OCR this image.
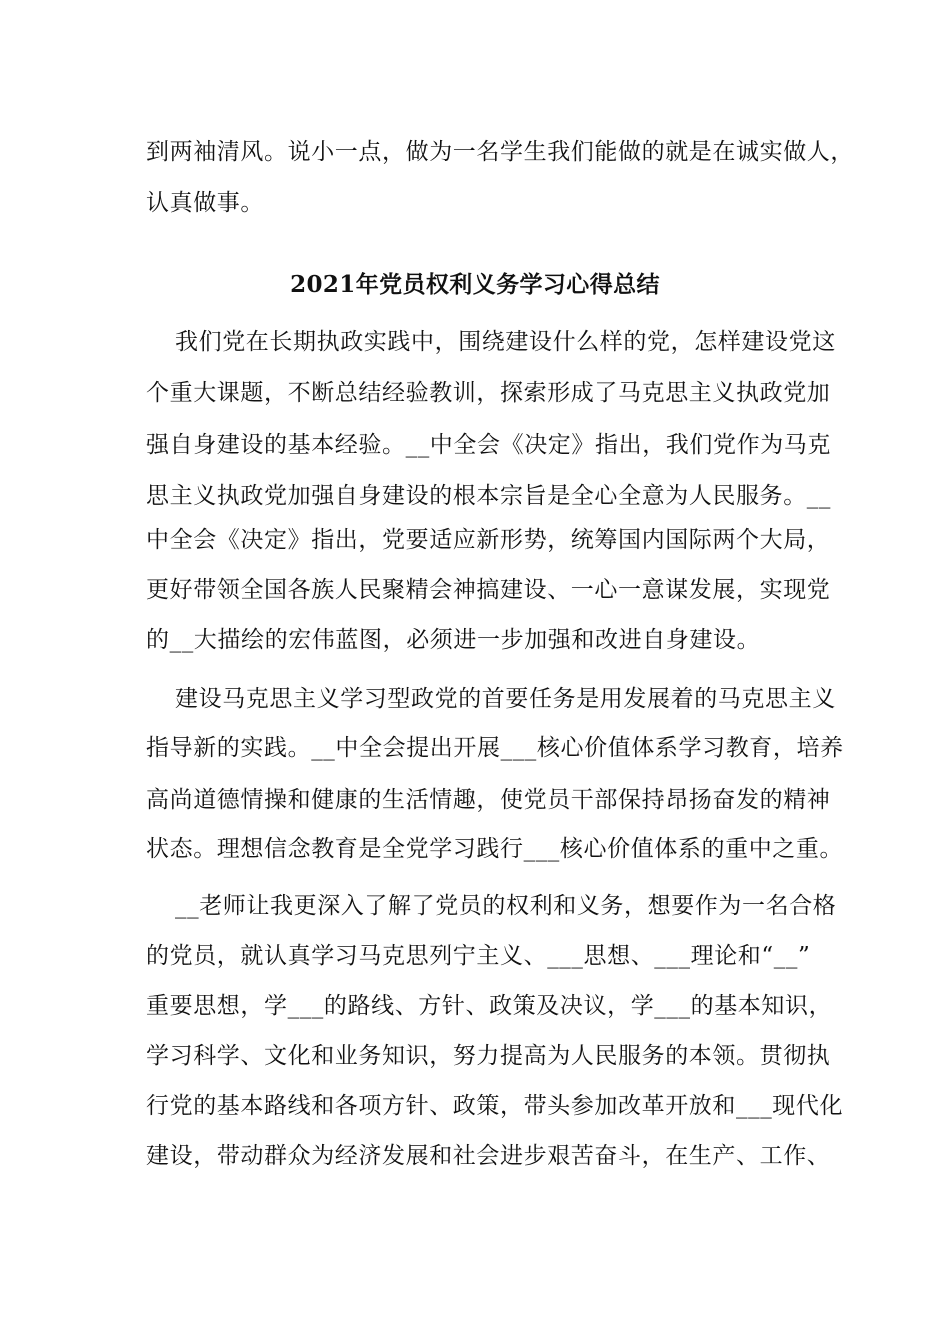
到两袖清风。说小一点，做为一名学生我们能做的就是在诚实做人，
认真做事。
2021年党员权利义务学习心得总结
我们党在长期执政实践中，围绕建设什么样的党，怎样建设党这
个重大课题，不断总结经验教训，探索形成了马克思主义执政党加
强自身建设的基本经验。__中全会《决定》指出，我们党作为马克
思主义执政党加强自身建设的根本宗旨是全心全意为人民服务。__
中全会《决定》指出，党要适应新形势，统筹国内国际两个大局，
更好带领全国各族人民聚精会神搞建设、一心一意谋发展，实现党
的__大描绘的宏伟蓝图，必须进一步加强和改进自身建设。
建设马克思主义学习型政党的首要任务是用发展着的马克思主义
指导新的实践。__中全会提出开展___核心价值体系学习教育，培养
高尚道德情操和健康的生活情趣，使党员干部保持昂扬奋发的精神
状态。理想信念教育是全党学习践行___核心价值体系的重中之重。
__老师让我更深入了解了党员的权利和义务，想要作为一名合格
的党员，就认真学习马克思列宁主义、___思想、___理论和“__”
重要思想，学___的路线、方针、政策及决议，学___的基本知识，
学习科学、文化和业务知识，努力提高为人民服务的本领。贯彻执
行党的基本路线和各项方针、政策，带头参加改革开放和___现代化
建设，带动群众为经济发展和社会进步艰苦奋斗，在生产、工作、
